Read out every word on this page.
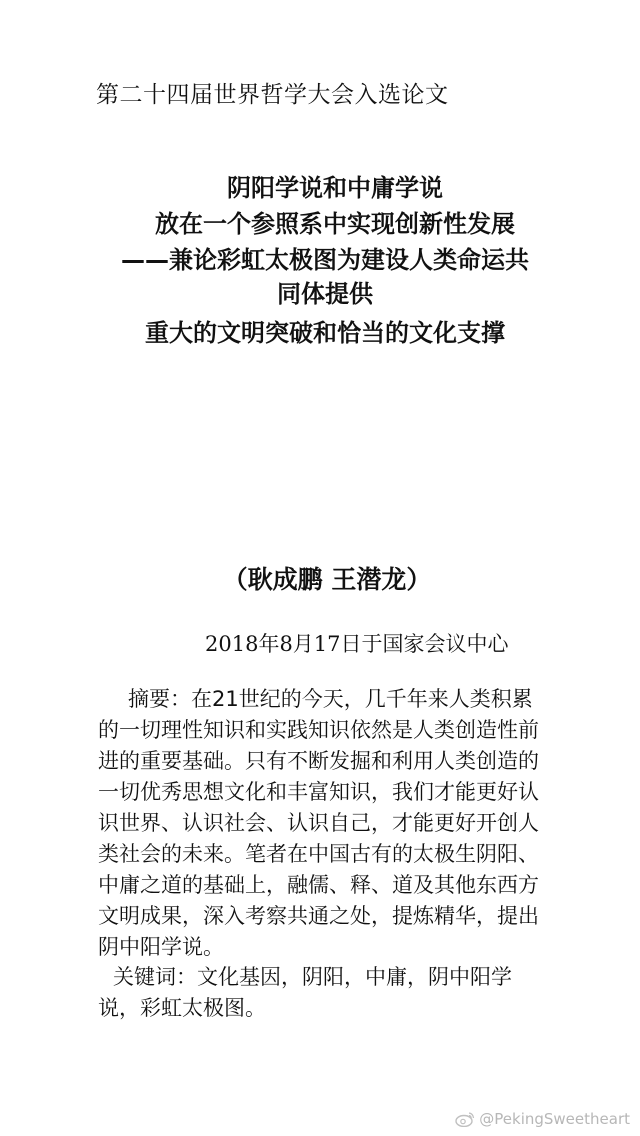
第二十四届世界哲学大会入选论文
阴阳学说和中庸学说
放在一个参照系中实现创新性发展
——兼论彩虹太极图为建设人类命运共
同体提供
重大的文明突破和恰当的文化支撑
（耿成鹏 王潜龙）
2018年8月17日于国家会议中心

摘要：在21世纪的今天，几千年来人类积累的一切理性知识和实践知识依然是人类创造性前进的重要基础。只有不断发掘和利用人类创造的一切优秀思想文化和丰富知识，我们才能更好认识世界、认识社会、认识自己，才能更好开创人类社会的未来。笔者在中国古有的太极生阴阳、中庸之道的基础上，融儒、释、道及其他东西方文明成果，深入考察共通之处，提炼精华，提出阴中阳学说。

关键词：文化基因，阴阳，中庸，阴中阳学说，彩虹太极图。

@PekingSweetheart
